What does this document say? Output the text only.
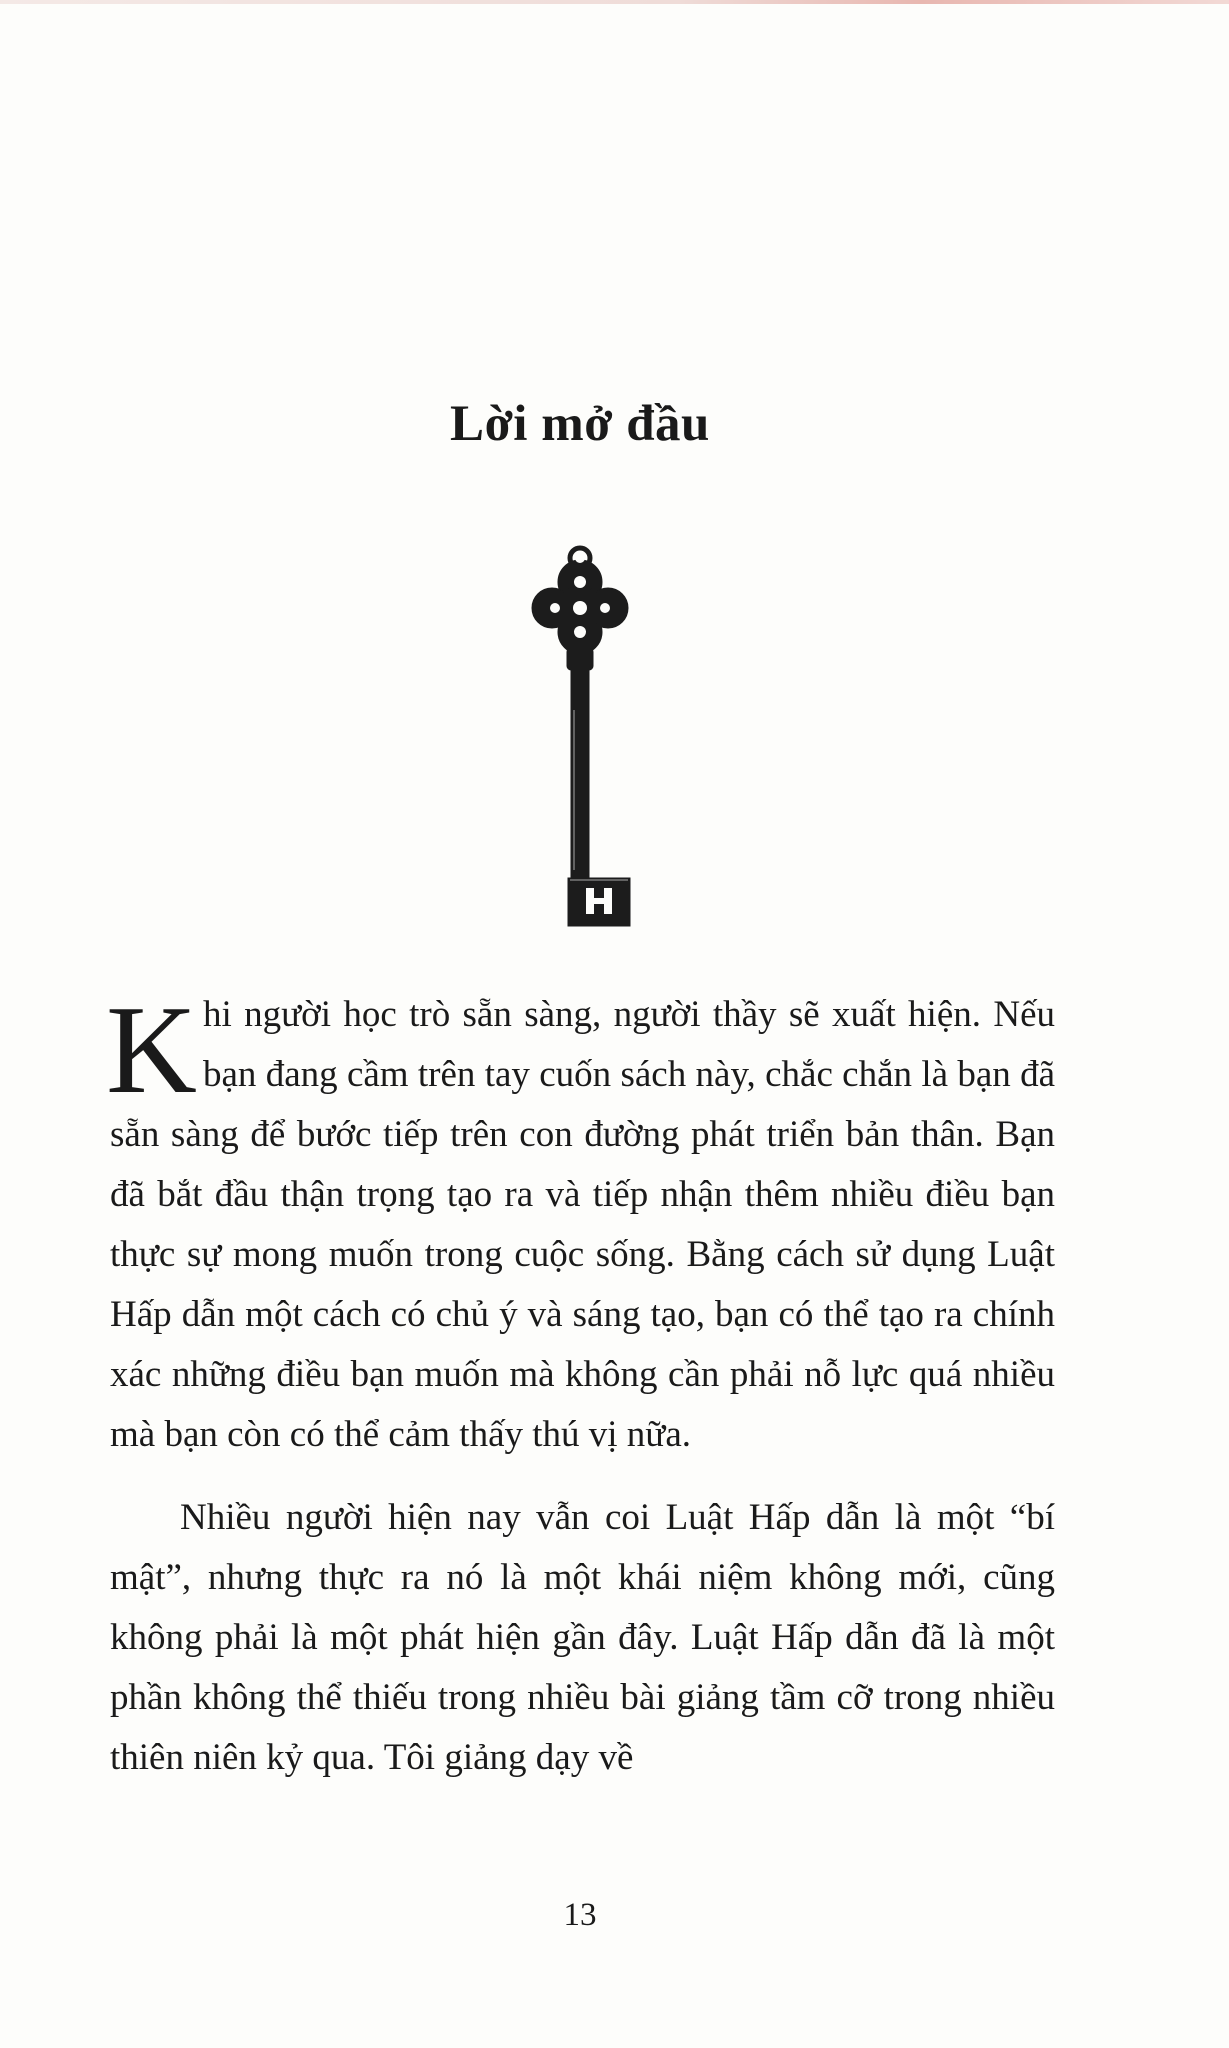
Lời mở đầu

Khi người học trò sẵn sàng, người thầy sẽ xuất hiện. Nếu bạn đang cầm trên tay cuốn sách này, chắc chắn là bạn đã sẵn sàng để bước tiếp trên con đường phát triển bản thân. Bạn đã bắt đầu thận trọng tạo ra và tiếp nhận thêm nhiều điều bạn thực sự mong muốn trong cuộc sống. Bằng cách sử dụng Luật Hấp dẫn một cách có chủ ý và sáng tạo, bạn có thể tạo ra chính xác những điều bạn muốn mà không cần phải nỗ lực quá nhiều mà bạn còn có thể cảm thấy thú vị nữa.

Nhiều người hiện nay vẫn coi Luật Hấp dẫn là một “bí mật”, nhưng thực ra nó là một khái niệm không mới, cũng không phải là một phát hiện gần đây. Luật Hấp dẫn đã là một phần không thể thiếu trong nhiều bài giảng tầm cỡ trong nhiều thiên niên kỷ qua. Tôi giảng dạy về

13
